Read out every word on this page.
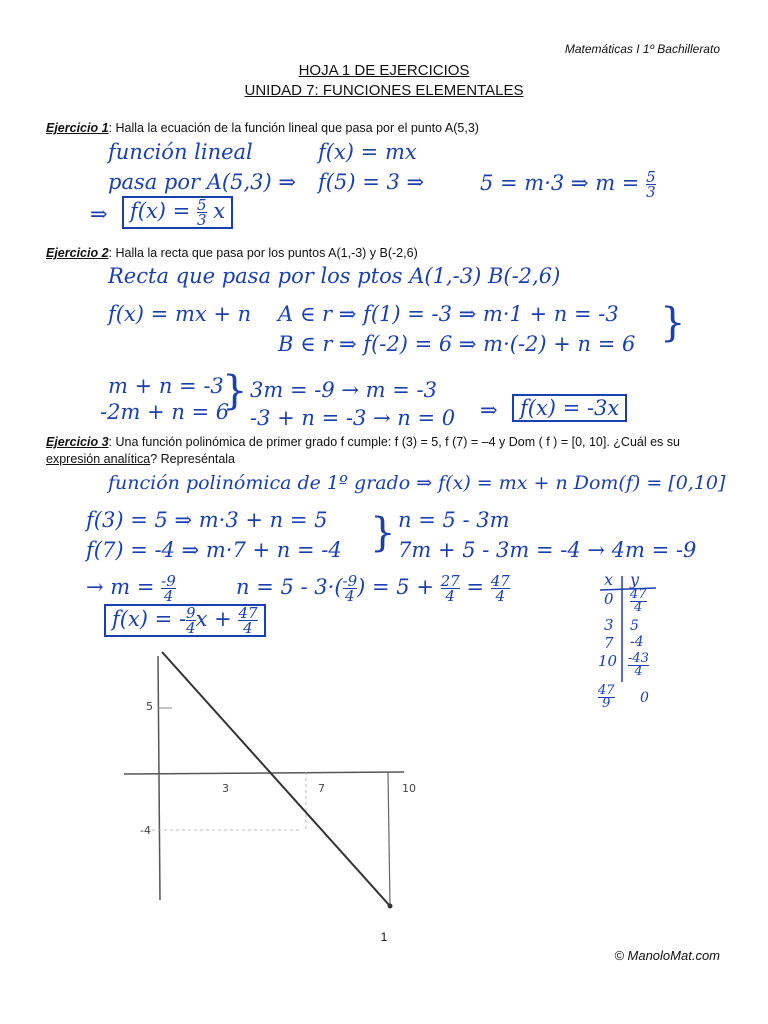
Matemáticas I 1º Bachillerato
HOJA 1 DE EJERCICIOS
UNIDAD 7: FUNCIONES ELEMENTALES
Ejercicio 1: Halla la ecuación de la función lineal que pasa por el punto A(5,3)
función lineal	f(x) = mx
pasa por A(5,3) ⇒ f(5) = 3 ⇒	5 = m·3 ⇒ $m = \frac{5}{3}$
⇒	$f(x) = \frac{5}{3}$ x
Ejercicio 2: Halla la recta que pasa por los puntos A(1,-3) y B(-2,6)
Recta que pasa por los ptos A(1,-3) B(-2,6)
f(x) = mx + n A ∈ r ⇒ f(1) = -3 ⇒ m·1 + n = -3 }
B ∈ r ⇒ f(-2) = 6 ⇒ m·(-2) + n = 6
m + n = -3
} 3m = -9 → m = -3
-2m + n = 6 -3 + n = -3 → n = 0 ⇒	f(x) = -3x
Ejercicio 3: Una función polinómica de primer grado f cumple: f (3) = 5, f (7) = –4 y Dom ( f ) = [0, 10]. ¿Cuál es su
expresión analítica? Represéntala
función polinómica de 1º grado ⇒ f(x) = mx + n Dom(f) = [0,10]
f(3) = 5 ⇒ m·3 + n = 5 } n = 5 - 3m
f(7) = -4 ⇒ m·7 + n = -4	7m + 5 - 3m = -4 → 4m = -9
→ $m = \frac{-9}{4}$	$n = 5 - 3\cdot( \frac{-9}{4}$ ) = $5 + \frac{27}{4} = \frac{47}{4}$
f(x) = - $\frac{9}{4}$ $x + \frac{47}{4}$
x y
$0 \frac{47}{4}$
3 5
7 -4
$10 \frac{-43}{4}$
$\frac{47}{9} 0$
5
-4
3	7	10
1
© ManoloMat.com
